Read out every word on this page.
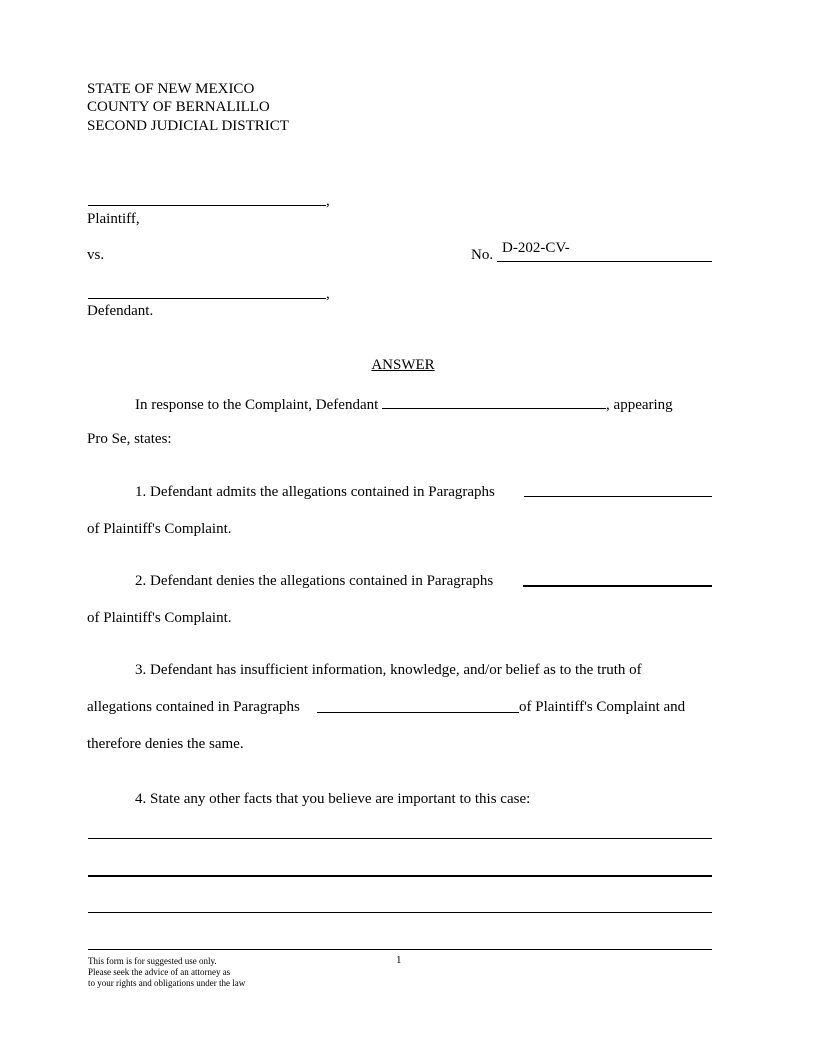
STATE OF NEW MEXICO
COUNTY OF BERNALILLO
SECOND JUDICIAL DISTRICT
,
Plaintiff,
vs.	No. D-202-CV-
,
Defendant.
ANSWER
In response to the Complaint, Defendant	, appearing
Pro Se, states:
1. Defendant admits the allegations contained in Paragraphs
of Plaintiff's Complaint.
2. Defendant denies the allegations contained in Paragraphs
of Plaintiff's Complaint.
3. Defendant has insufficient information, knowledge, and/or belief as to the truth of
allegations contained in Paragraphs	of Plaintiff's Complaint and
therefore denies the same.
4. State any other facts that you believe are important to this case:
This form is for suggested use only.
Please seek the advice of an attorney as
to your rights and obligations under the law
1
